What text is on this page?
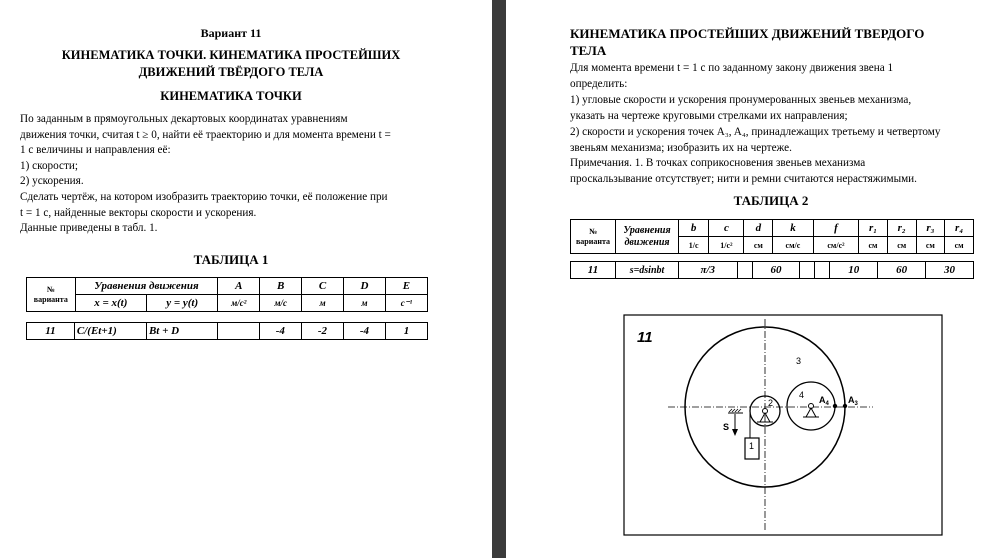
Вариант 11
КИНЕМАТИКА ТОЧКИ. КИНЕМАТИКА ПРОСТЕЙШИХ
ДВИЖЕНИЙ ТВЁРДОГО ТЕЛА
КИНЕМАТИКА ТОЧКИ
По заданным в прямоугольных декартовых координатах уравнениям
движения точки, считая t ≥ 0, найти её траекторию и для момента времени t =
1 c величины и направления её:
1) скорости;
2) ускорения.
Сделать чертёж, на котором изобразить траекторию точки, её положение при
t = 1 c, найденные векторы скорости и ускорения.
Данные приведены в табл. 1.
ТАБЛИЦА 1
№
варианта	Уравнения движения		A	B	C	D	E
	x = x(t)	y = y(t)	м/с²	м/с	м	м	с⁻¹
11	C/(Et+1)	Bt + D		-4	-2	-4	1
КИНЕМАТИКА ПРОСТЕЙШИХ ДВИЖЕНИЙ ТВЕРДОГО
ТЕЛА
Для момента времени t = 1 c по заданному закону движения звена 1
определить:
1) угловые скорости и ускорения пронумерованных звеньев механизма,
указать на чертеже круговыми стрелками их направления;
2) скорости и ускорения точек A₃, A₄, принадлежащих третьему и четвертому
звеньям механизма; изобразить их на чертеже.
Примечания. 1. В точках соприкосновения звеньев механизма
проскальзывание отсутствует; нити и ремни считаются нерастяжимыми.
ТАБЛИЦА 2
№
варианта	Уравнения
движения	b	c	d	k	f	r₁	r₂	r₃	r₄
		1/c	1/c²	см	см/с	см/с²	см	см	см	см
11	s=dsinbt	π/3		60			10	60	30
11
3
2
4 $A_4$ $A_3$
1
S
